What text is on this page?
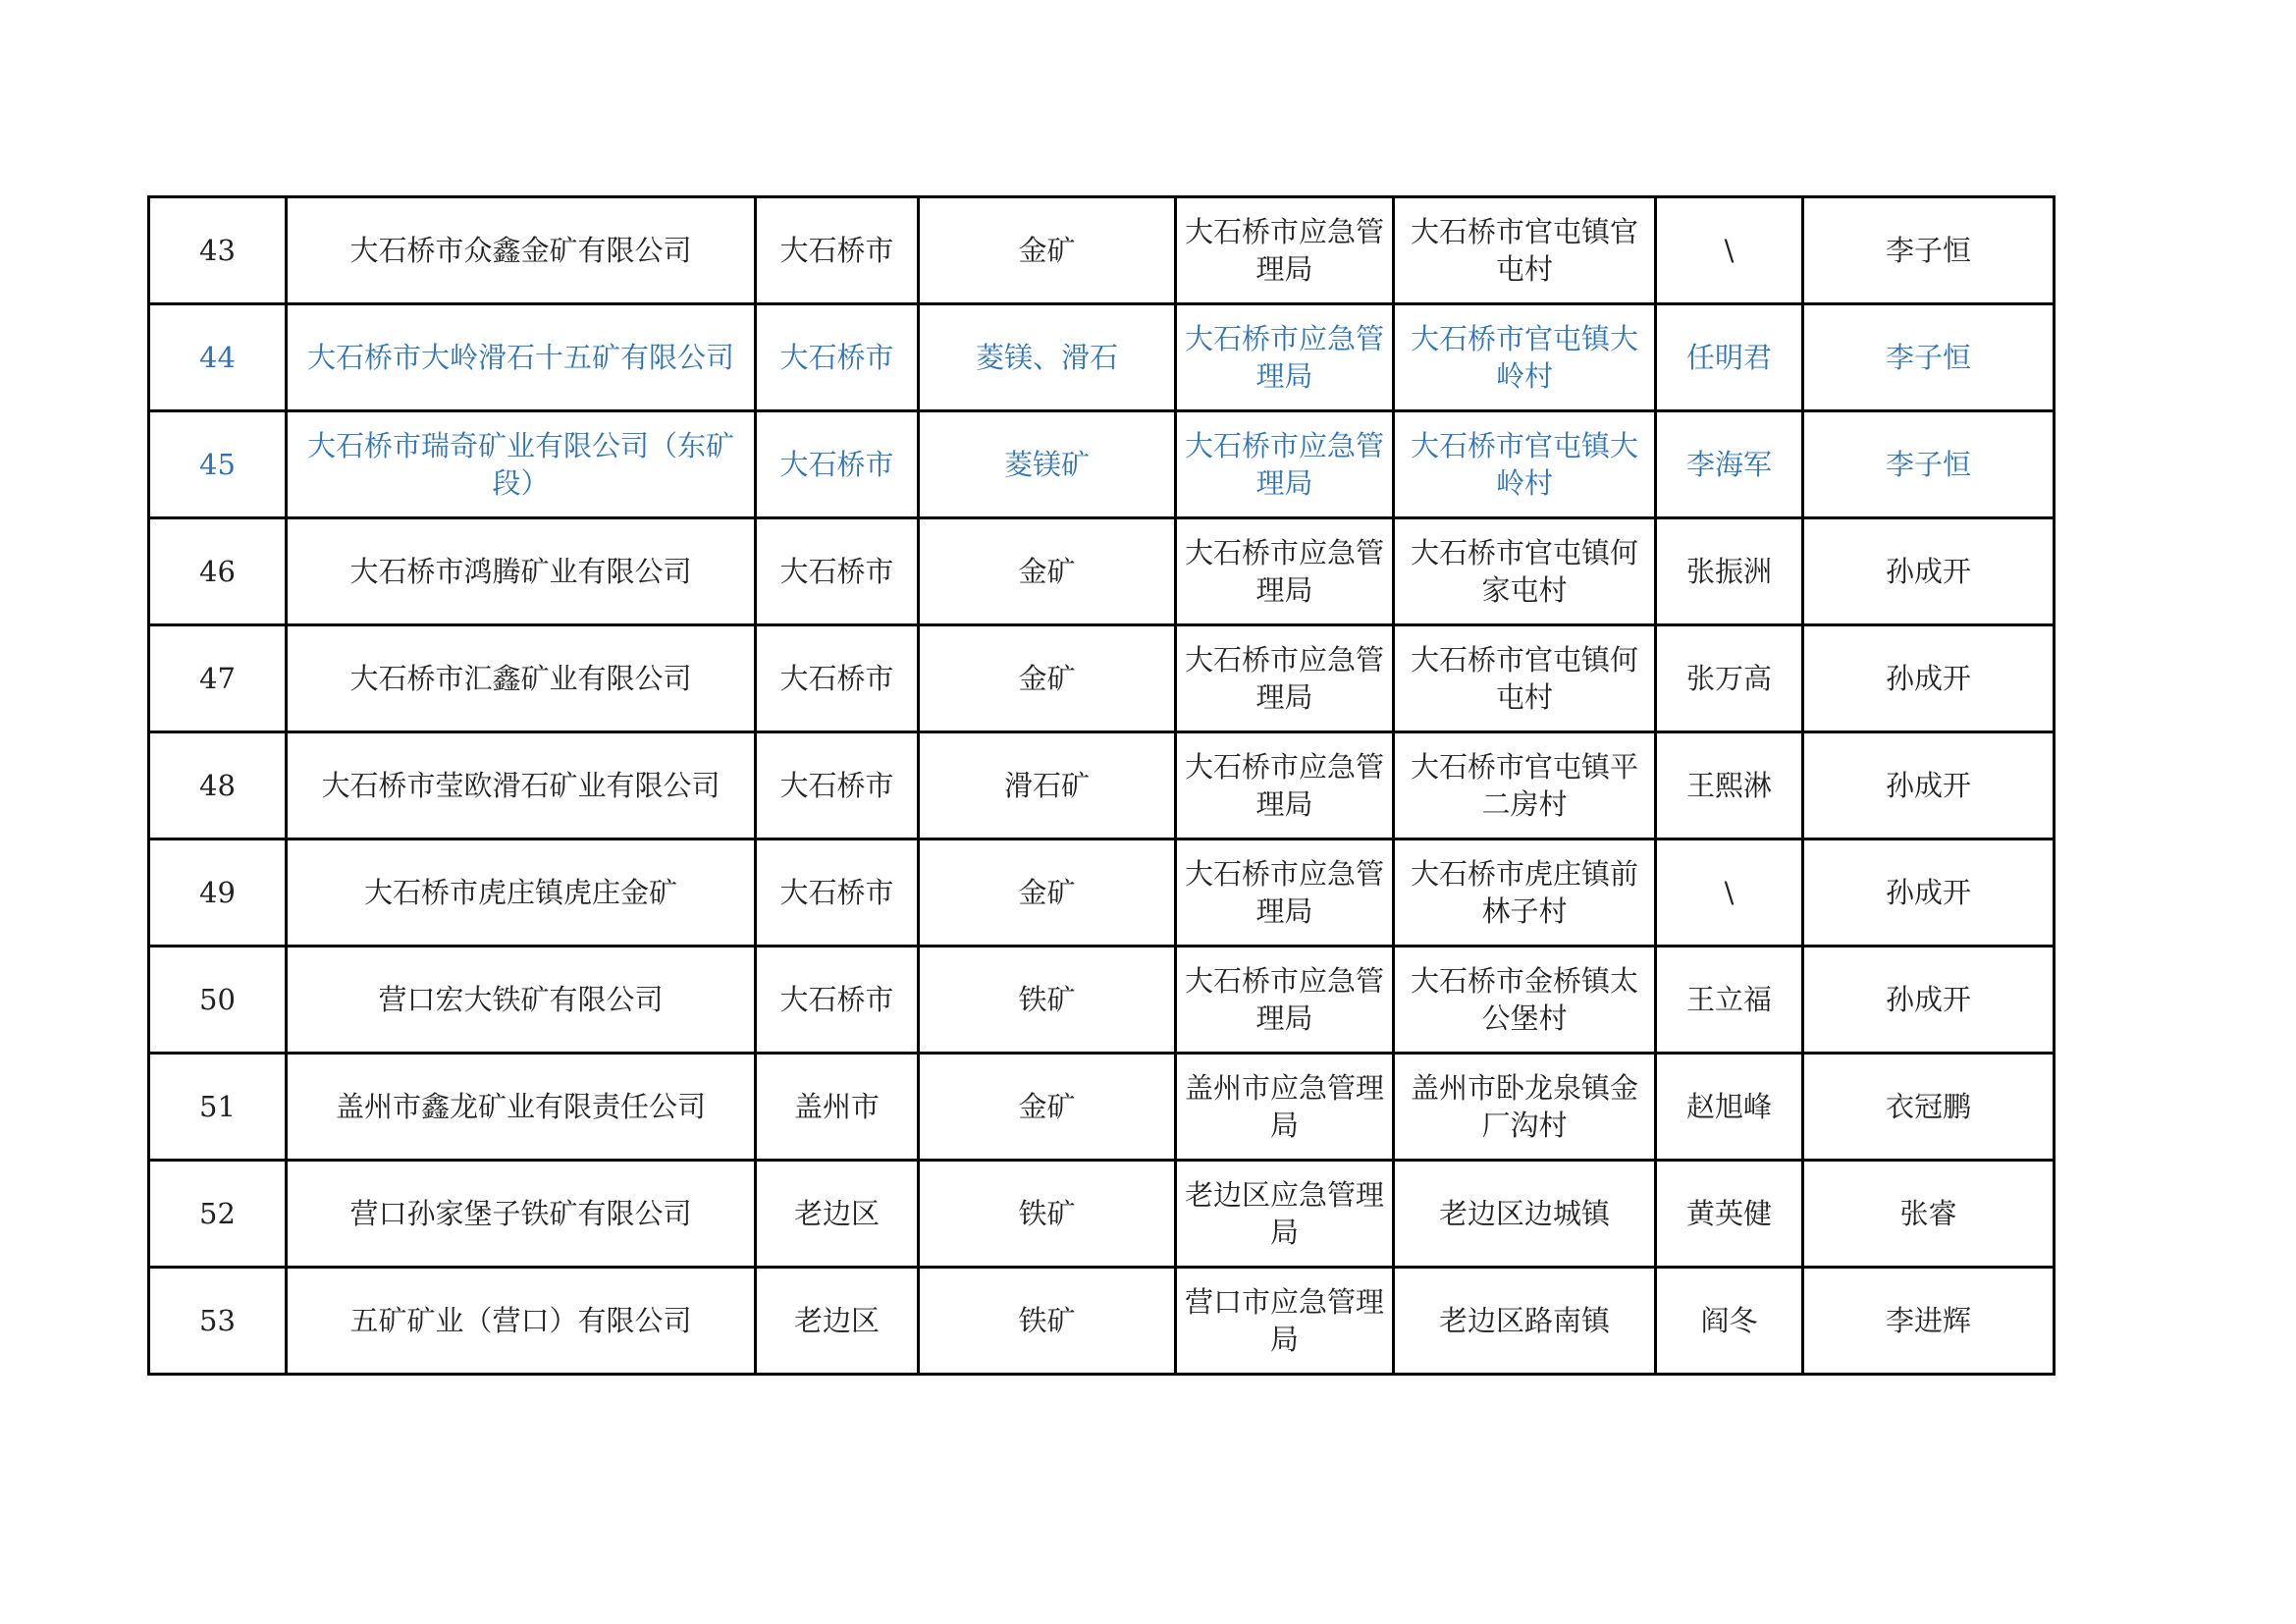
43	大石桥市众鑫金矿有限公司	大石桥市	金矿	大石桥市应急管理局	大石桥市官屯镇官屯村	\	李子恒
44	大石桥市大岭滑石十五矿有限公司	大石桥市	菱镁、滑石	大石桥市应急管理局	大石桥市官屯镇大岭村	任明君	李子恒
45	大石桥市瑞奇矿业有限公司（东矿段）	大石桥市	菱镁矿	大石桥市应急管理局	大石桥市官屯镇大岭村	李海军	李子恒
46	大石桥市鸿腾矿业有限公司	大石桥市	金矿	大石桥市应急管理局	大石桥市官屯镇何家屯村	张振洲	孙成开
47	大石桥市汇鑫矿业有限公司	大石桥市	金矿	大石桥市应急管理局	大石桥市官屯镇何屯村	张万高	孙成开
48	大石桥市莹欧滑石矿业有限公司	大石桥市	滑石矿	大石桥市应急管理局	大石桥市官屯镇平二房村	王熙淋	孙成开
49	大石桥市虎庄镇虎庄金矿	大石桥市	金矿	大石桥市应急管理局	大石桥市虎庄镇前林子村	\	孙成开
50	营口宏大铁矿有限公司	大石桥市	铁矿	大石桥市应急管理局	大石桥市金桥镇太公堡村	王立福	孙成开
51	盖州市鑫龙矿业有限责任公司	盖州市	金矿	盖州市应急管理局	盖州市卧龙泉镇金厂沟村	赵旭峰	衣冠鹏
52	营口孙家堡子铁矿有限公司	老边区	铁矿	老边区应急管理局	老边区边城镇	黄英健	张睿
53	五矿矿业（营口）有限公司	老边区	铁矿	营口市应急管理局	老边区路南镇	阎冬	李进辉
